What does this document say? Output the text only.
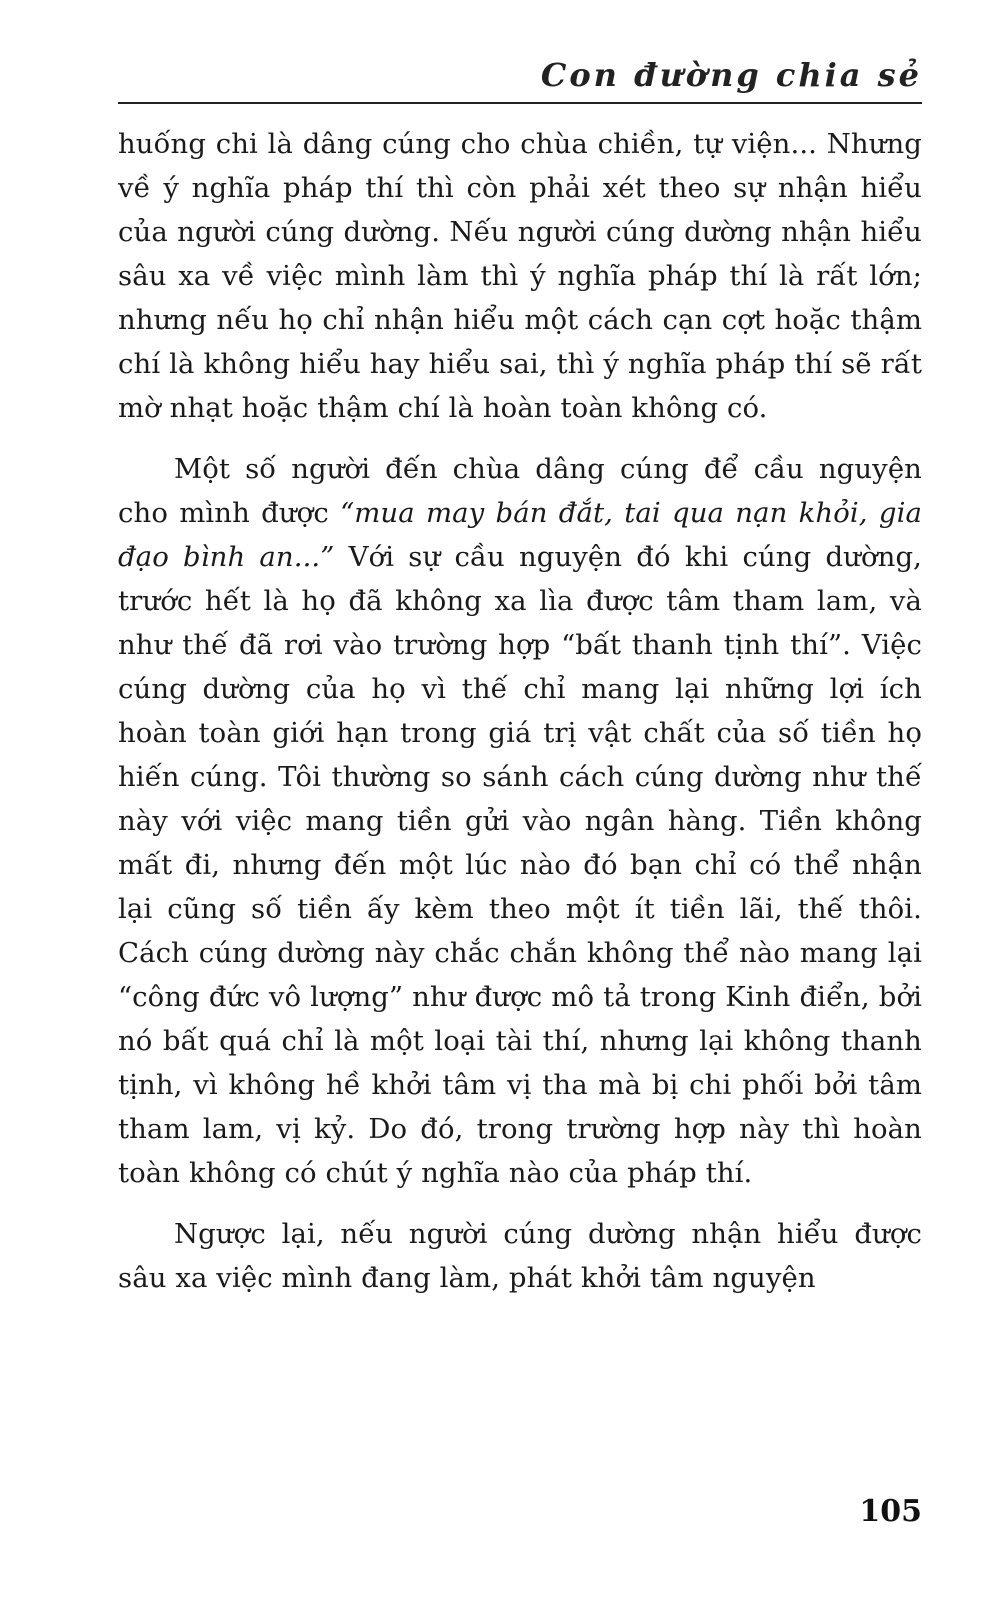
Con đường chia sẻ

huống chi là dâng cúng cho chùa chiền, tự viện... Nhưng về ý nghĩa pháp thí thì còn phải xét theo sự nhận hiểu của người cúng dường. Nếu người cúng dường nhận hiểu sâu xa về việc mình làm thì ý nghĩa pháp thí là rất lớn; nhưng nếu họ chỉ nhận hiểu một cách cạn cợt hoặc thậm chí là không hiểu hay hiểu sai, thì ý nghĩa pháp thí sẽ rất mờ nhạt hoặc thậm chí là hoàn toàn không có.

Một số người đến chùa dâng cúng để cầu nguyện cho mình được “mua may bán đắt, tai qua nạn khỏi, gia đạo bình an...” Với sự cầu nguyện đó khi cúng dường, trước hết là họ đã không xa lìa được tâm tham lam, và như thế đã rơi vào trường hợp “bất thanh tịnh thí”. Việc cúng dường của họ vì thế chỉ mang lại những lợi ích hoàn toàn giới hạn trong giá trị vật chất của số tiền họ hiến cúng. Tôi thường so sánh cách cúng dường như thế này với việc mang tiền gửi vào ngân hàng. Tiền không mất đi, nhưng đến một lúc nào đó bạn chỉ có thể nhận lại cũng số tiền ấy kèm theo một ít tiền lãi, thế thôi. Cách cúng dường này chắc chắn không thể nào mang lại “công đức vô lượng” như được mô tả trong Kinh điển, bởi nó bất quá chỉ là một loại tài thí, nhưng lại không thanh tịnh, vì không hề khởi tâm vị tha mà bị chi phối bởi tâm tham lam, vị kỷ. Do đó, trong trường hợp này thì hoàn toàn không có chút ý nghĩa nào của pháp thí.

Ngược lại, nếu người cúng dường nhận hiểu được sâu xa việc mình đang làm, phát khởi tâm nguyện

105
